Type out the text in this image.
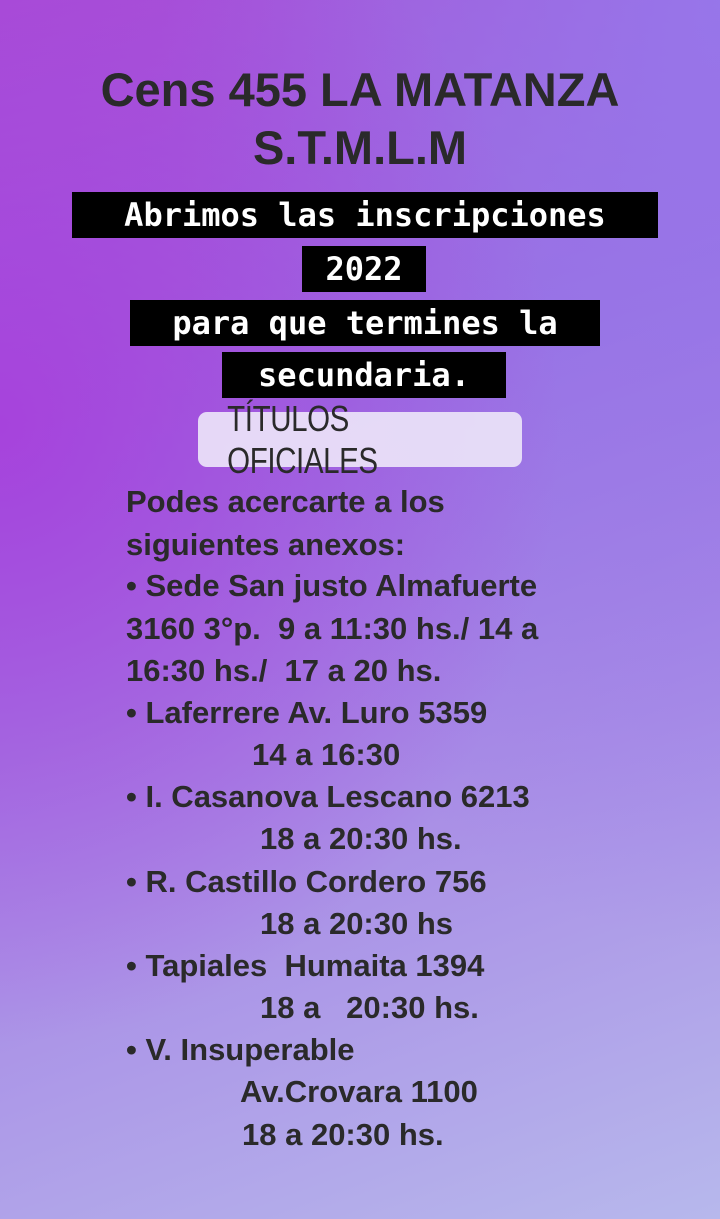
Cens 455 LA MATANZA
S.T.M.L.M
Abrimos las inscripciones
2022
para que termines la
secundaria.
TÍTULOS OFICIALES
Podes acercarte a los
siguientes anexos:
• Sede San justo Almafuerte
3160 3°p.  9 a 11:30 hs./ 14 a
16:30 hs./  17 a 20 hs.
• Laferrere Av. Luro 5359
14 a 16:30
• I. Casanova Lescano 6213
18 a 20:30 hs.
• R. Castillo Cordero 756
18 a 20:30 hs
• Tapiales  Humaita 1394
18 a   20:30 hs.
• V. Insuperable
Av.Crovara 1100
18 a 20:30 hs.
